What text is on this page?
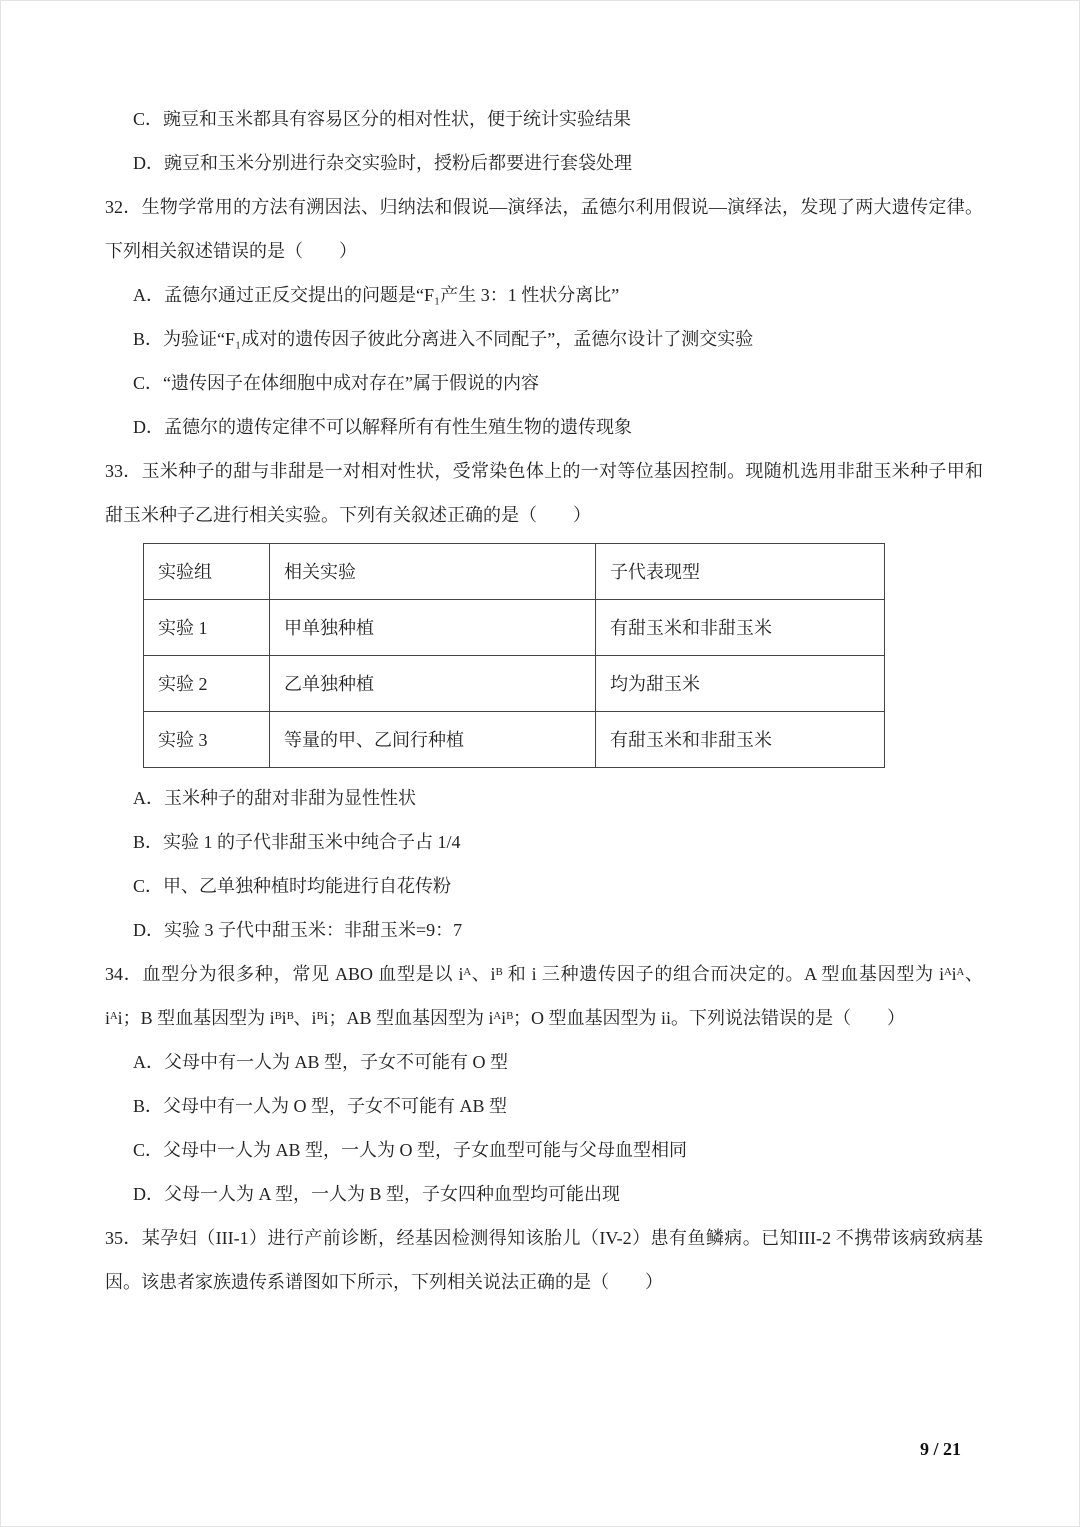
C．豌豆和玉米都具有容易区分的相对性状，便于统计实验结果
D．豌豆和玉米分别进行杂交实验时，授粉后都要进行套袋处理
32．生物学常用的方法有溯因法、归纳法和假说—演绎法，孟德尔利用假说—演绎法，发现了两大遗传定律。下列相关叙述错误的是（　　）
A．孟德尔通过正反交提出的问题是“F₁产生 3：1 性状分离比”
B．为验证“F₁成对的遗传因子彼此分离进入不同配子”，孟德尔设计了测交实验
C．“遗传因子在体细胞中成对存在”属于假说的内容
D．孟德尔的遗传定律不可以解释所有有性生殖生物的遗传现象
33．玉米种子的甜与非甜是一对相对性状，受常染色体上的一对等位基因控制。现随机选用非甜玉米种子甲和甜玉米种子乙进行相关实验。下列有关叙述正确的是（　　）
实验组	相关实验	子代表现型
实验 1	甲单独种植	有甜玉米和非甜玉米
实验 2	乙单独种植	均为甜玉米
实验 3	等量的甲、乙间行种植	有甜玉米和非甜玉米
A．玉米种子的甜对非甜为显性性状
B．实验 1 的子代非甜玉米中纯合子占 1/4
C．甲、乙单独种植时均能进行自花传粉
D．实验 3 子代中甜玉米：非甜玉米=9：7
34．血型分为很多种，常见 ABO 血型是以 iᴬ、iᴮ 和 i 三种遗传因子的组合而决定的。A 型血基因型为 iᴬiᴬ、iᴬi；B 型血基因型为 iᴮiᴮ、iᴮi；AB 型血基因型为 iᴬiᴮ；O 型血基因型为 ii。下列说法错误的是（　　）
A．父母中有一人为 AB 型，子女不可能有 O 型
B．父母中有一人为 O 型，子女不可能有 AB 型
C．父母中一人为 AB 型，一人为 O 型，子女血型可能与父母血型相同
D．父母一人为 A 型，一人为 B 型，子女四种血型均可能出现
35．某孕妇（III-1）进行产前诊断，经基因检测得知该胎儿（IV-2）患有鱼鳞病。已知III-2 不携带该病致病基因。该患者家族遗传系谱图如下所示，下列相关说法正确的是（　　）
9 / 21
